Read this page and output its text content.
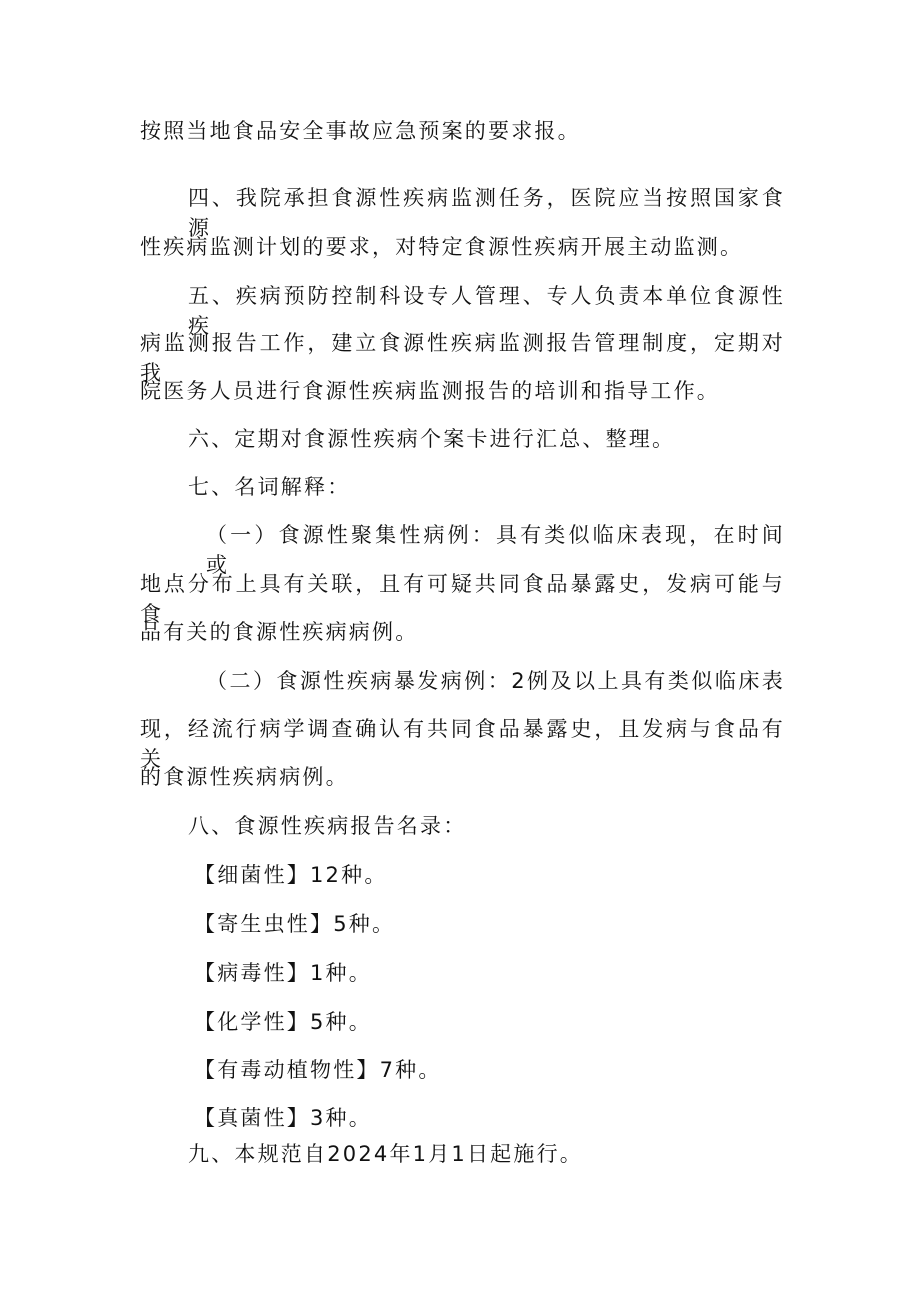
按照当地食品安全事故应急预案的要求报。
四、我院承担食源性疾病监测任务，医院应当按照国家食源
性疾病监测计划的要求，对特定食源性疾病开展主动监测。
五、疾病预防控制科设专人管理、专人负责本单位食源性疾
病监测报告工作，建立食源性疾病监测报告管理制度，定期对我
院医务人员进行食源性疾病监测报告的培训和指导工作。
六、定期对食源性疾病个案卡进行汇总、整理。
七、名词解释：
（一）食源性聚集性病例：具有类似临床表现，在时间或
地点分布上具有关联，且有可疑共同食品暴露史，发病可能与食
品有关的食源性疾病病例。
（二）食源性疾病暴发病例：2例及以上具有类似临床表
现，经流行病学调查确认有共同食品暴露史，且发病与食品有关
的食源性疾病病例。
八、食源性疾病报告名录：
【细菌性】12种。
【寄生虫性】5种。
【病毒性】1种。
【化学性】5种。
【有毒动植物性】7种。
【真菌性】3种。
九、本规范自2024年1月1日起施行。
